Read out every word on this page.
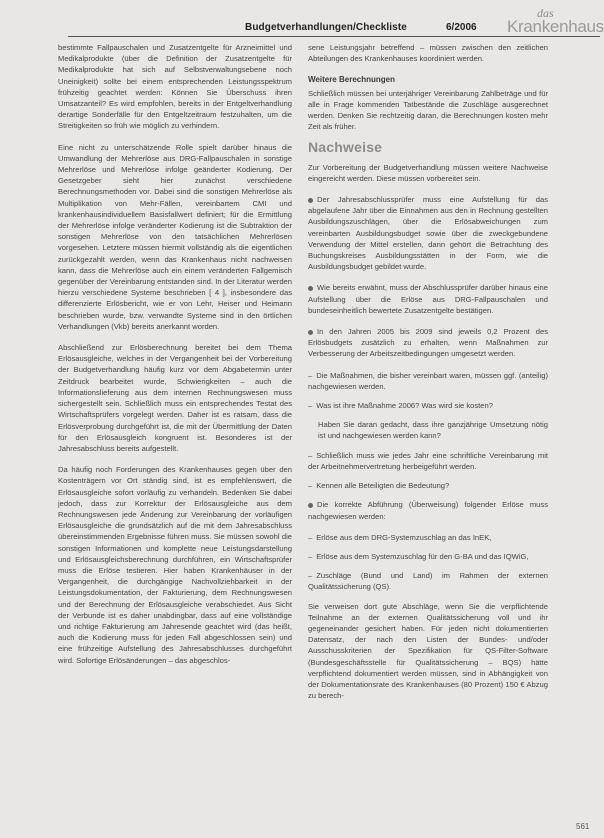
Budgetverhandlungen/Checkliste	6/2006
das
Krankenhaus

bestimmte Fallpauschalen und Zusatzentgelte für Arzneimittel und Medikalprodukte (über die Definition der Zusatzentgelte für Medikalprodukte hat sich auf Selbstverwaltungsebene noch Uneinigkeit) sollte bei einem entsprechenden Leistungsspektrum frühzeitig geachtet werden: Können Sie Überschuss ihren Umsatzanteil? Es wird empfohlen, bereits in der Entgeltverhandlung derartige Sonderfälle für den Entgeltzeitraum festzuhalten, um die Streitigkeiten so früh wie möglich zu verhindern.

Eine nicht zu unterschätzende Rolle spielt darüber hinaus die Umwandlung der Mehrerlöse aus DRG-Fallpauschalen in sonstige Mehrerlöse und Mehrerlöse infolge geänderter Kodierung. Der Gesetzgeber sieht hier zunächst verschiedene Berechnungsmethoden vor. Dabei sind die sonstigen Mehrerlöse als Multiplikation von Mehr-Fällen, vereinbartem CMI und krankenhausindividuellem Basisfallwert definiert; für die Ermittlung der Mehrerlöse infolge veränderter Kodierung ist die Subtraktion der sonstigen Mehrerlöse von den tatsächlichen Mehrerlösen vorgesehen. Letztere müssen hiermit vollständig als die eigentlichen zurückgezahlt werden, wenn das Krankenhaus nicht nachweisen kann, dass die Mehrerlöse auch ein einem veränderten Fallgemisch gegenüber der Vereinbarung entstanden sind. In der Literatur werden hierzu verschiedene Systeme beschrieben [ 4 ], insbesondere das differenzierte Erlösbericht, wie er von Lehr, Heiser und Heimann beschrieben wurde, bzw. verwandte Systeme sind in den örtlichen Verhandlungen (Vkb) bereits anerkannt worden.

Abschließend zur Erlösberechnung bereitet bei dem Thema Erlösausgleiche, welches in der Vergangenheit bei der Vorbereitung der Budgetverhandlung häufig kurz vor dem Abgabetermin unter Zeitdruck bearbeitet wurde, Schwierigkeiten – auch die Informationslieferung aus dem internen Rechnungswesen muss sichergestellt sein. Schließlich muss ein entsprechendes Testat des Wirtschaftsprüfers vorgelegt werden. Daher ist es ratsam, dass die Erlösverprobung durchgeführt ist, die mit der Übermittlung der Daten für den Erlösausgleich kongruent ist. Besonderes ist der Jahresabschluss bereits aufgestellt.

Da häufig noch Forderungen des Krankenhauses gegen über den Kostenträgern vor Ort ständig sind, ist es empfehlenswert, die Erlösausgleiche sofort vorläufig zu verhandeln. Bedenken Sie dabei jedoch, dass zur Korrektur der Erlösausgleiche aus dem Rechnungswesen jede Änderung zur Vereinbarung der vorläufigen Erlösausgleiche die grundsätzlich auf die mit dem Jahresabschluss übereinstimmenden Ergebnisse führen muss. Sie müssen sowohl die sonstigen Informationen und komplette neue Leistungsdarstellung und Erlösausgleichsberechnung durchführen, ein Wirtschaftsprüfer muss die Erlöse testieren. Hier haben Krankenhäuser in der Vergangenheit, die durchgängige Nachvollziehbarkeit in der Leistungsdokumentation, der Fakturierung, dem Rechnungswesen und der Berechnung der Erlösausgleiche verabschiedet. Aus Sicht der Verbunde ist es daher unabdingbar, dass auf eine vollständige und richtige Fakturierung am Jahresende geachtet wird (das heißt, auch die Kodierung muss für jeden Fall abgeschlossen sein) und eine frühzeitige Aufstellung des Jahresabschlusses durchgeführt wird. Sofortige Erlösänderungen – das abgeschlos-

sene Leistungsjahr betreffend – müssen zwischen den zeitlichen Abteilungen des Krankenhauses koordiniert werden.

Weitere Berechnungen

Schließlich müssen bei unterjähriger Vereinbarung Zahlbeträge und für alle in Frage kommenden Tatbestände die Zuschläge ausgerechnet werden. Denken Sie rechtzeitig daran, die Berechnungen kosten mehr Zeit als früher.

Nachweise

Zur Vorbereitung der Budgetverhandlung müssen weitere Nachweise eingereicht werden. Diese müssen vorbereitet sein.

Der Jahresabschlussprüfer muss eine Aufstellung für das abgelaufene Jahr über die Einnahmen aus den in Rechnung gestellten Ausbildungszuschlägen, über die Erlösabweichungen zum vereinbarten Ausbildungsbudget sowie über die zweckgebundene Verwendung der Mittel erstellen, dann gehört die Betrachtung des Buchungskreises Ausbildungsstätten in der Form, wie die Ausbildungsbudget gebildet wurde.
Wie bereits erwähnt, muss der Abschlussprüfer darüber hinaus eine Aufstellung über die Erlöse aus DRG-Fallpauschalen und bundeseinheitlich bewertete Zusatzentgelte bestätigen.
In den Jahren 2005 bis 2009 sind jeweils 0,2 Prozent des Erlösbudgets zusätzlich zu erhalten, wenn Maßnahmen zur Verbesserung der Arbeitszeitbedingungen umgesetzt werden.
– Die Maßnahmen, die bisher vereinbart waren, müssen ggf. (anteilig) nachgewiesen werden.
– Was ist ihre Maßnahme 2006? Was wird sie kosten?
Haben Sie daran gedacht, dass ihre ganzjährige Umsetzung nötig ist und nachgewiesen werden kann?
– Schließlich muss wie jedes Jahr eine schriftliche Vereinbarung mit der Arbeitnehmervertretung herbeigeführt werden.
– Kennen alle Beteiligten die Bedeutung?
Die korrekte Abführung (Überweisung) folgender Erlöse muss nachgewiesen werden:
– Erlöse aus dem DRG-Systemzuschlag an das InEK,
– Erlöse aus dem Systemzuschlag für den G-BA und das IQWiG,
– Zuschläge (Bund und Land) im Rahmen der externen Qualitätssicherung (QS).

Sie verweisen dort gute Abschläge, wenn Sie die verpflichtende Teilnahme an der externen Qualitätssicherung voll und ihr gegeneinander gesichert haben. Für jeden nicht dokumentierten Datensatz, der nach den Listen der Bundes- und/oder Ausschusskriterien der Spezifikation für QS-Filter-Software (Bundesgeschäftsstelle für Qualitätssicherung – BQS) hätte verpflichtend dokumentiert werden müssen, sind in Abhängigkeit von der Dokumentationsrate des Krankenhauses (80 Prozent) 150 € Abzug zu berech-

561
